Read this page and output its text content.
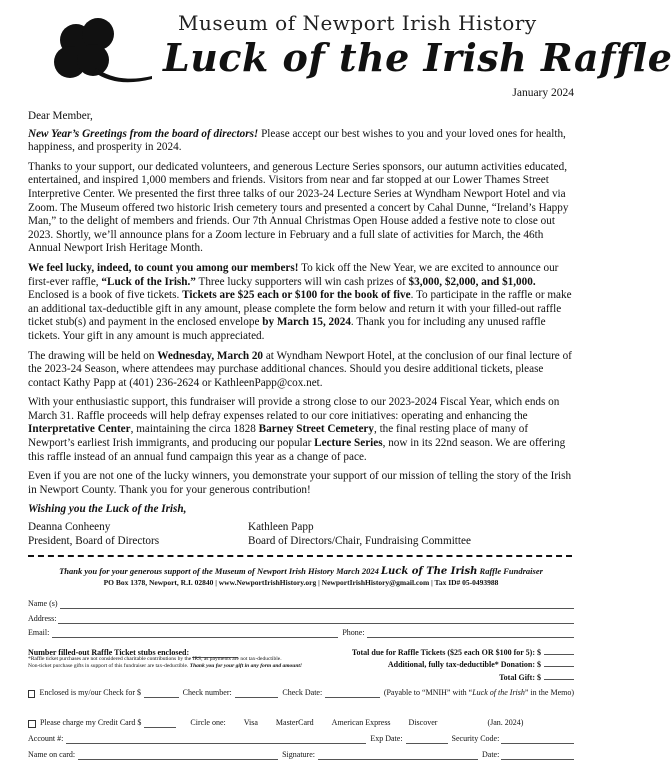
Museum of Newport Irish History
Luck of the Irish Raffle
January 2024

Dear Member,

New Year’s Greetings from the board of directors! Please accept our best wishes to you and your loved ones for health, happiness, and prosperity in 2024.

Thanks to your support, our dedicated volunteers, and generous Lecture Series sponsors, our autumn activities educated, entertained, and inspired 1,000 members and friends. Visitors from near and far stopped at our Lower Thames Street Interpretive Center. We presented the first three talks of our 2023-24 Lecture Series at Wyndham Newport Hotel and via Zoom. The Museum offered two historic Irish cemetery tours and presented a concert by Cahal Dunne, “Ireland’s Happy Man,” to the delight of members and friends. Our 7th Annual Christmas Open House added a festive note to close out 2023. Shortly, we’ll announce plans for a Zoom lecture in February and a full slate of activities for March, the 46th Annual Newport Irish Heritage Month.

We feel lucky, indeed, to count you among our members! To kick off the New Year, we are excited to announce our first-ever raffle, “Luck of the Irish.” Three lucky supporters will win cash prizes of $3,000, $2,000, and $1,000. Enclosed is a book of five tickets. Tickets are $25 each or $100 for the book of five. To participate in the raffle or make an additional tax-deductible gift in any amount, please complete the form below and return it with your filled-out raffle ticket stub(s) and payment in the enclosed envelope by March 15, 2024. Thank you for including any unused raffle tickets. Your gift in any amount is much appreciated.

The drawing will be held on Wednesday, March 20 at Wyndham Newport Hotel, at the conclusion of our final lecture of the 2023-24 Season, where attendees may purchase additional chances. Should you desire additional tickets, please contact Kathy Papp at (401) 236-2624 or KathleenPapp@cox.net.

With your enthusiastic support, this fundraiser will provide a strong close to our 2023-2024 Fiscal Year, which ends on March 31. Raffle proceeds will help defray expenses related to our core initiatives: operating and enhancing the Interpretative Center, maintaining the circa 1828 Barney Street Cemetery, the final resting place of many of Newport’s earliest Irish immigrants, and producing our popular Lecture Series, now in its 22nd season. We are offering this raffle instead of an annual fund campaign this year as a change of pace.

Even if you are not one of the lucky winners, you demonstrate your support of our mission of telling the story of the Irish in Newport County. Thank you for your generous contribution!

Wishing you the Luck of the Irish,

Deanna Conheeny
President, Board of Directors
Kathleen Papp
Board of Directors/Chair, Fundraising Committee
Thank you for your generous support of the Museum of Newport Irish History March 2024 Luck of The Irish Raffle Fundraiser
PO Box 1378, Newport, R.I. 02840 | www.NewportIrishHistory.org | NewportIrishHistory@gmail.com | Tax ID# 05-0493988
Name (s)
Address:
Email:	Phone:
Number filled-out Raffle Ticket stubs enclosed:	Total due for Raffle Tickets ($25 each OR $100 for 5): $
*Raffle ticket purchases are not considered charitable contributions by the IRS, as payments are not tax-deductible.
Non-ticket purchase gifts in support of this fundraiser are tax-deductible. Thank you for your gift in any form and amount!	Additional, fully tax-deductible* Donation: $
Total Gift: $
Enclosed is my/our Check for $	Check number:	Check Date:	(Payable to “MNIH” with “Luck of the Irish” in the Memo)
Please charge my Credit Card $	Circle one: Visa MasterCard American Express Discover	(Jan. 2024)
Account #:	Exp Date:	Security Code:
Name on card:	Signature:	Date:
